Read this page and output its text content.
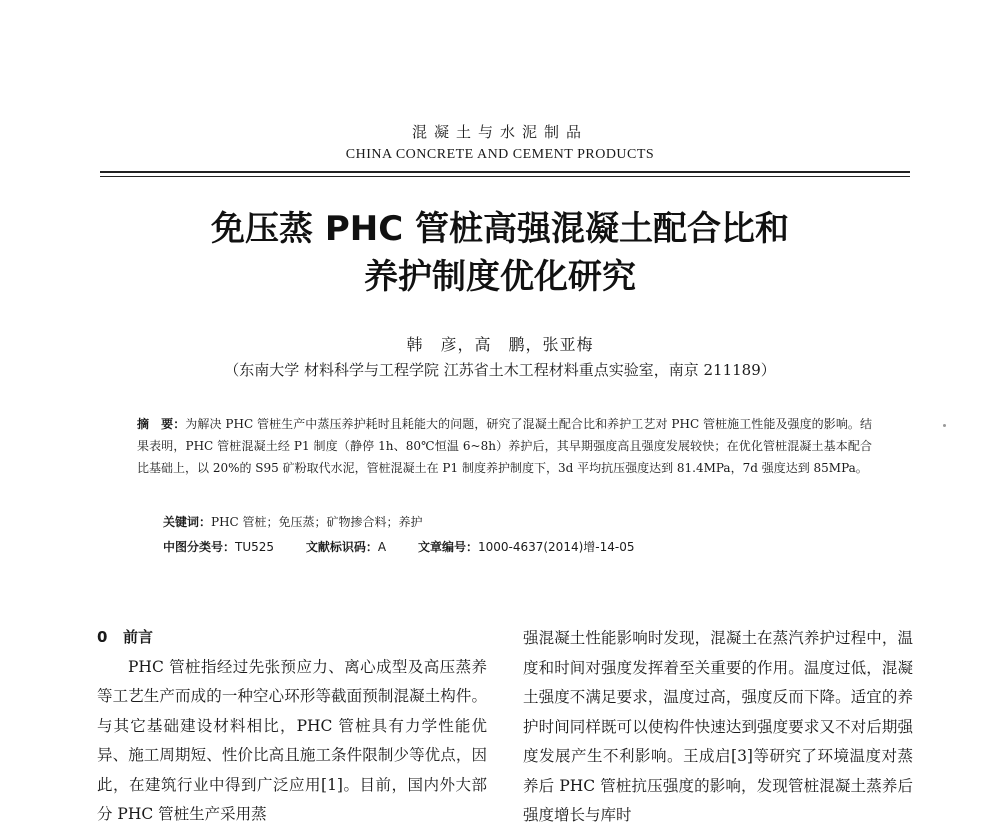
混凝土与水泥制品
CHINA CONCRETE AND CEMENT PRODUCTS
免压蒸 PHC 管桩高强混凝土配合比和
养护制度优化研究
韩　彦，高　鹏，张亚梅
（东南大学 材料科学与工程学院 江苏省土木工程材料重点实验室，南京 211189）
摘　要：为解决 PHC 管桩生产中蒸压养护耗时且耗能大的问题，研究了混凝土配合比和养护工艺对 PHC 管桩施工性能及强度的影响。结果表明，PHC 管桩混凝土经 P1 制度（静停 1h、80℃恒温 6~8h）养护后，其早期强度高且强度发展较快；在优化管桩混凝土基本配合比基础上，以 20%的 S95 矿粉取代水泥，管桩混凝土在 P1 制度养护制度下，3d 平均抗压强度达到 81.4MPa，7d 强度达到 85MPa。
关键词：PHC 管桩；免压蒸；矿物掺合料；养护
中图分类号：TU525	文献标识码：A	文章编号：1000-4637(2014)增-14-05
0 前言

PHC 管桩指经过先张预应力、离心成型及高压蒸养等工艺生产而成的一种空心环形等截面预制混凝土构件。与其它基础建设材料相比，PHC 管桩具有力学性能优异、施工周期短、性价比高且施工条件限制少等优点，因此，在建筑行业中得到广泛应用[1]。目前，国内外大部分 PHC 管桩生产采用蒸

强混凝土性能影响时发现，混凝土在蒸汽养护过程中，温度和时间对强度发挥着至关重要的作用。温度过低，混凝土强度不满足要求，温度过高，强度反而下降。适宜的养护时间同样既可以使构件快速达到强度要求又不对后期强度发展产生不利影响。王成启[3]等研究了环境温度对蒸养后 PHC 管桩抗压强度的影响，发现管桩混凝土蒸养后强度增长与库时
